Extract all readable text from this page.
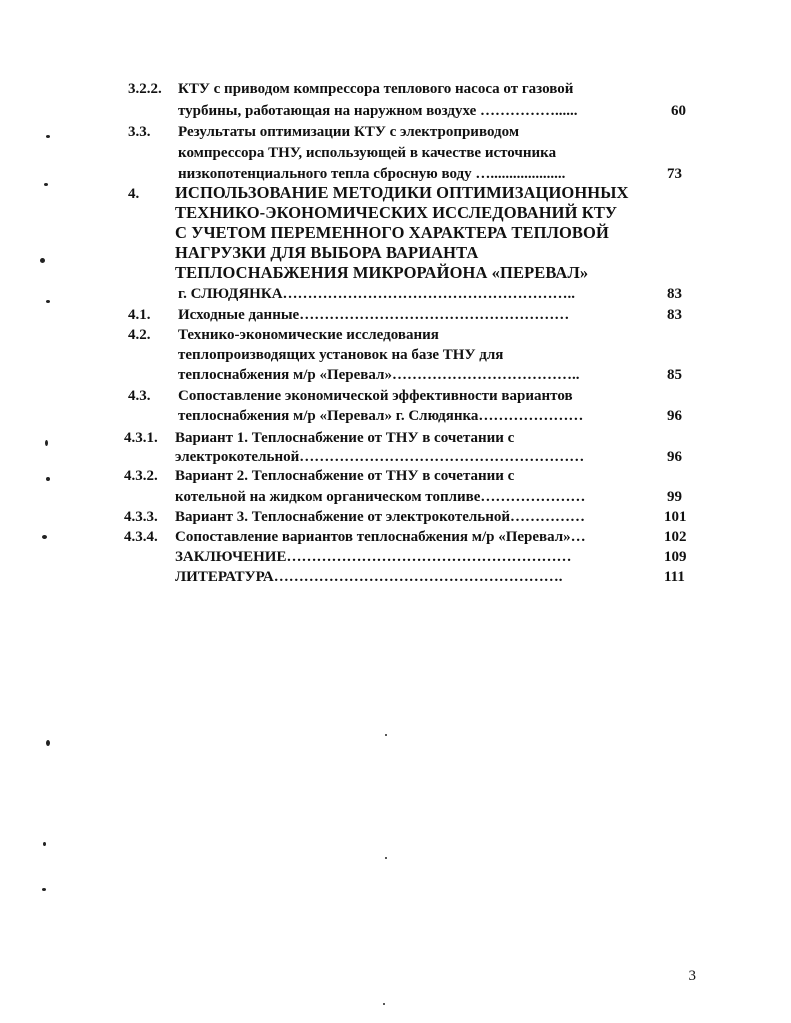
3.2.2. КТУ с приводом компрессора теплового насоса от газовой
турбины, работающая на наружном воздухе ……………......	60
3.3. Результаты оптимизации КТУ с электроприводом
компрессора ТНУ, использующей в качестве источника
низкопотенциального тепла сбросную воду …....................	73
4. ИСПОЛЬЗОВАНИЕ МЕТОДИКИ ОПТИМИЗАЦИОННЫХ
ТЕХНИКО-ЭКОНОМИЧЕСКИХ ИССЛЕДОВАНИЙ КТУ
С УЧЕТОМ ПЕРЕМЕННОГО ХАРАКТЕРА ТЕПЛОВОЙ
НАГРУЗКИ ДЛЯ ВЫБОРА ВАРИАНТА
ТЕПЛОСНАБЖЕНИЯ МИКРОРАЙОНА «ПЕРЕВАЛ»
г. СЛЮДЯНКА…………………………………………………..	83
4.1. Исходные данные………………………………………………	83
4.2. Технико-экономические исследования
теплопроизводящих установок на базе ТНУ для
теплоснабжения м/р «Перевал»………………………………..	85
4.3. Сопоставление экономической эффективности вариантов
теплоснабжения м/р «Перевал» г. Слюдянка…………………	96
4.3.1. Вариант 1. Теплоснабжение от ТНУ в сочетании с
электрокотельной…………………………………………………	96
4.3.2. Вариант 2. Теплоснабжение от ТНУ в сочетании с
котельной на жидком органическом топливе…………………	99
4.3.3. Вариант 3. Теплоснабжение от электрокотельной……………	101
4.3.4. Сопоставление вариантов теплоснабжения м/р «Перевал»…	102
ЗАКЛЮЧЕНИЕ…………………………………………………	109
ЛИТЕРАТУРА………………………………………………….	111
3
